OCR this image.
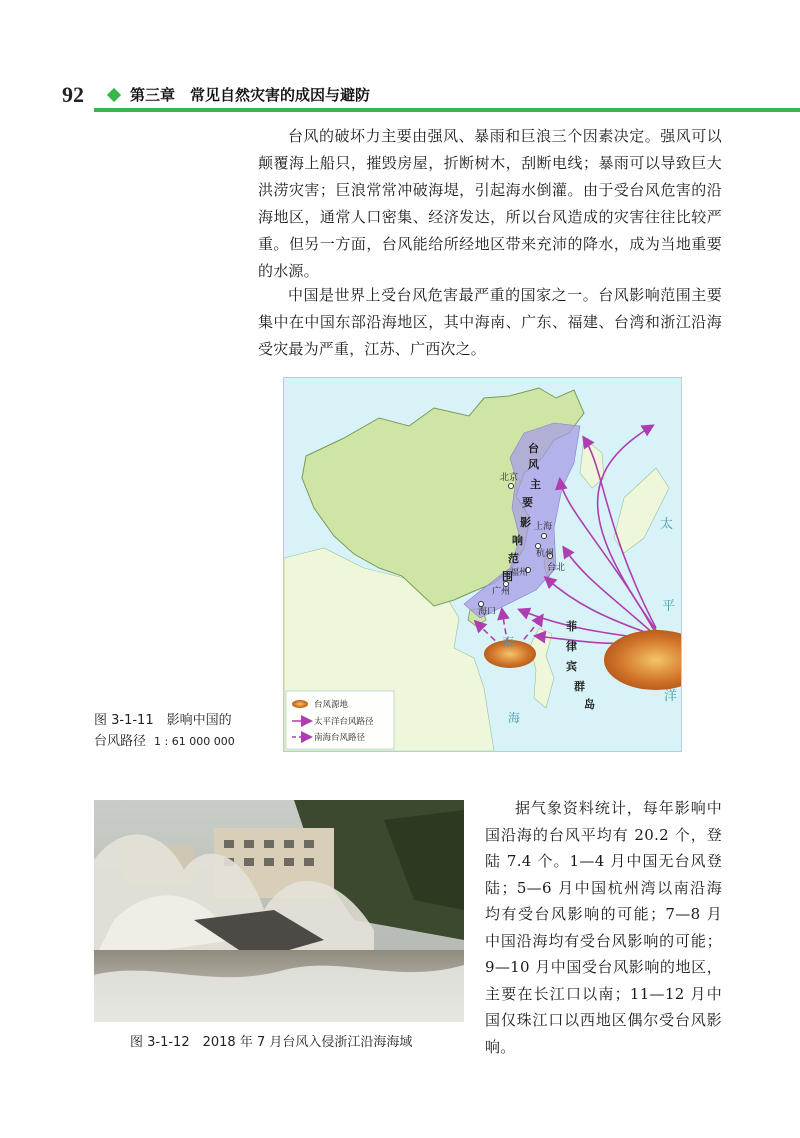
92	第三章　常见自然灾害的成因与避防
台风的破坏力主要由强风、暴雨和巨浪三个因素决定。强风可以颠覆海上船只，摧毁房屋，折断树木，刮断电线；暴雨可以导致巨大洪涝灾害；巨浪常常冲破海堤，引起海水倒灌。由于受台风危害的沿海地区，通常人口密集、经济发达，所以台风造成的灾害往往比较严重。但另一方面，台风能给所经地区带来充沛的降水，成为当地重要的水源。
中国是世界上受台风危害最严重的国家之一。台风影响范围主要集中在中国东部沿海地区，其中海南、广东、福建、台湾和浙江沿海受灾最为严重，江苏、广西次之。
北京
上海
杭州
福州 台北
广州
海口
台
风
主
要
影
响
范
围
菲
律
宾
群
岛
太
平
洋
南
海
台风源地
太平洋台风路径
南海台风路径
图 3-1-11　影响中国的
台风路径 1 : 61 000 000
图 3-1-12　2018 年 7 月台风入侵浙江沿海海域
据气象资料统计，每年影响中国沿海的台风平均有 20.2 个，登陆 7.4 个。1—4 月中国无台风登陆；5—6 月中国杭州湾以南沿海均有受台风影响的可能；7—8 月中国沿海均有受台风影响的可能；9—10 月中国受台风影响的地区，主要在长江口以南；11—12 月中国仅珠江口以西地区偶尔受台风影响。
